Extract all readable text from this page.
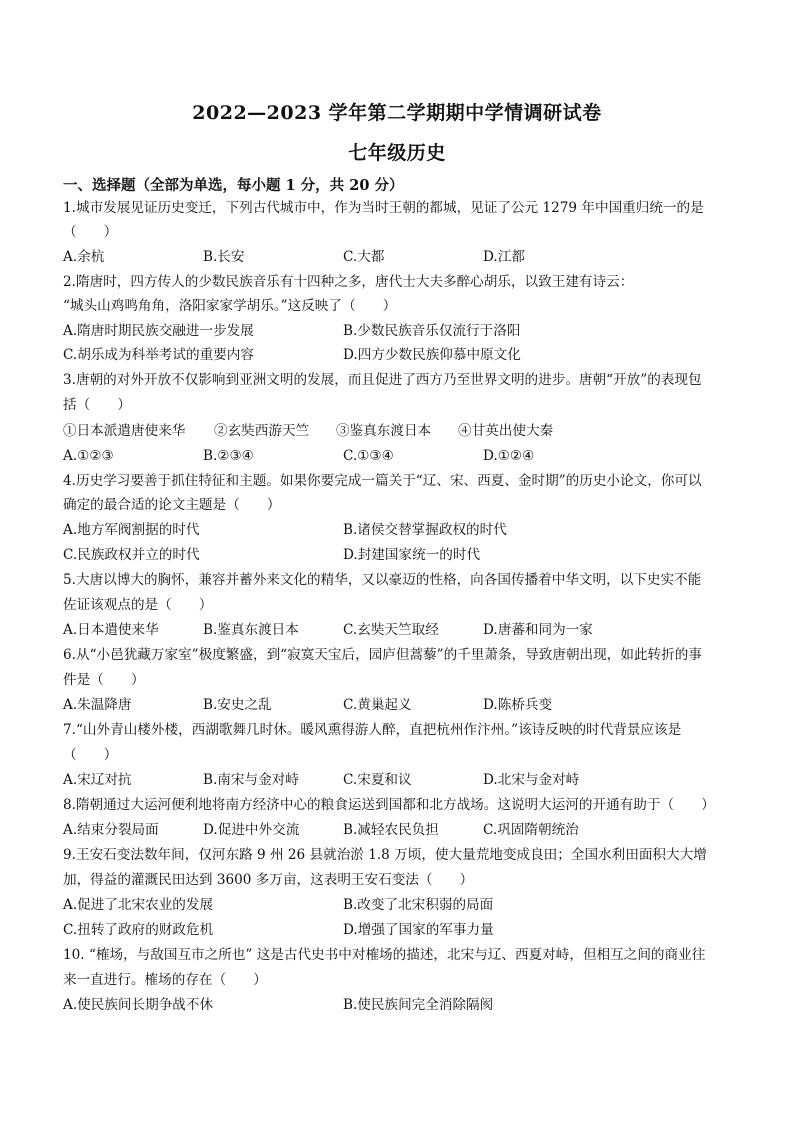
2022—2023 学年第二学期期中学情调研试卷
七年级历史
一、选择题（全部为单选，每小题 1 分，共 20 分）
1.城市发展见证历史变迁，下列古代城市中，作为当时王朝的都城，见证了公元 1279 年中国重归统一的是
（　　）
A.余杭	B.长安	C.大都	D.江都
2.隋唐时，四方传人的少数民族音乐有十四种之多，唐代士大夫多醉心胡乐，以致王建有诗云：
“城头山鸡鸣角角，洛阳家家学胡乐。”这反映了（　　）
A.隋唐时期民族交融进一步发展	B.少数民族音乐仅流行于洛阳
C.胡乐成为科举考试的重要内容	D.四方少数民族仰慕中原文化
3.唐朝的对外开放不仅影响到亚洲文明的发展，而且促进了西方乃至世界文明的进步。唐朝“开放”的表现包
括（　　）
①日本派遣唐使来华 ②玄奘西游天竺 ③鉴真东渡日本 ④甘英出使大秦
A.①②③	B.②③④	C.①③④	D.①②④
4.历史学习要善于抓住特征和主题。如果你要完成一篇关于“辽、宋、西夏、金时期”的历史小论文，你可以
确定的最合适的论文主题是（　　）
A.地方军阀割据的时代	B.诸侯交替掌握政权的时代
C.民族政权并立的时代	D.封建国家统一的时代
5.大唐以博大的胸怀，兼容并蓄外来文化的精华，又以豪迈的性格，向各国传播着中华文明，以下史实不能
佐证该观点的是（　　）
A.日本遣使来华	B.鉴真东渡日本	C.玄奘天竺取经	D.唐蕃和同为一家
6.从“小邑犹藏万家室”极度繁盛，到“寂寞天宝后，园庐但蒿藜”的千里萧条，导致唐朝出现，如此转折的事
件是（　　）
A.朱温降唐	B.安史之乱	C.黄巢起义	D.陈桥兵变
7.“山外青山楼外楼，西湖歌舞几时休。暖风熏得游人醉，直把杭州作汴州。”该诗反映的时代背景应该是
（　　）
A.宋辽对抗	B.南宋与金对峙	C.宋夏和议	D.北宋与金对峙
8.隋朝通过大运河便利地将南方经济中心的粮食运送到国都和北方战场。这说明大运河的开通有助于（　　）
A.结束分裂局面	D.促进中外交流	B.减轻农民负担	C.巩固隋朝统治
9.王安石变法数年间，仅河东路 9 州 26 县就治淤 1.8 万顷，使大量荒地变成良田；全国水利田面积大大增
加，得益的灌溉民田达到 3600 多万亩，这表明王安石变法（　　）
A.促进了北宋农业的发展	B.改变了北宋积弱的局面
C.扭转了政府的财政危机	D.增强了国家的军事力量
10. “榷场，与敌国互市之所也” 这是古代史书中对榷场的描述，北宋与辽、西夏对峙，但相互之间的商业往
来一直进行。榷场的存在（　　）
A.使民族间长期争战不休	B.使民族间完全消除隔阂
